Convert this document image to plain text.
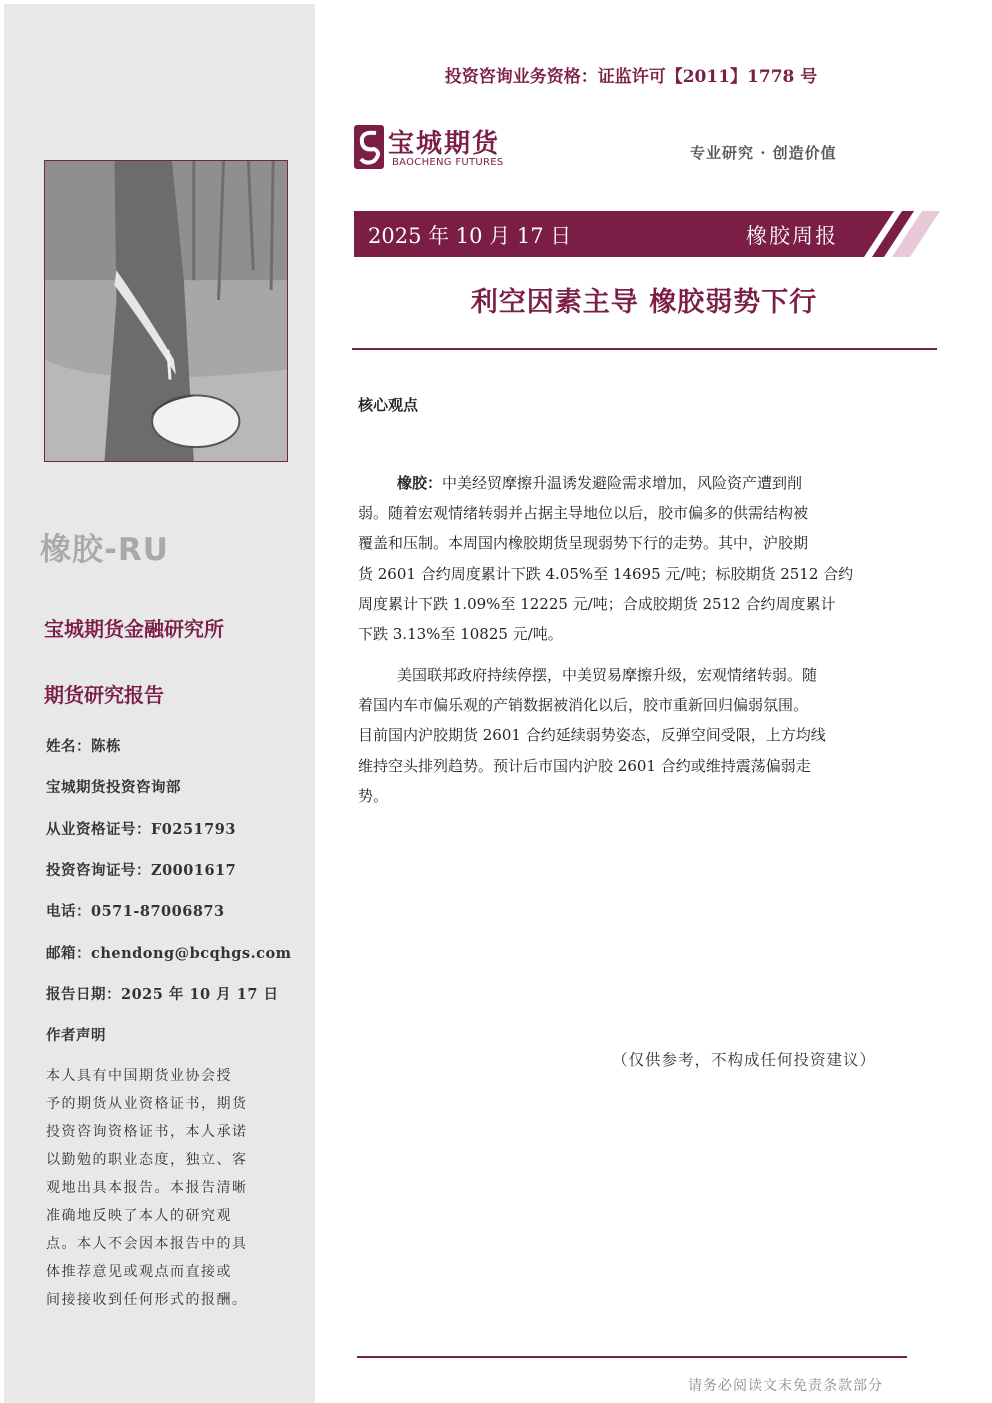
橡胶-RU
宝城期货金融研究所
期货研究报告
姓名：陈栋
宝城期货投资咨询部
从业资格证号：F0251793
投资咨询证号：Z0001617
电话：0571-87006873
邮箱：chendong@bcqhgs.com
报告日期：2025 年 10 月 17 日
作者声明
本人具有中国期货业协会授
予的期货从业资格证书，期货
投资咨询资格证书，本人承诺
以勤勉的职业态度，独立、客
观地出具本报告。本报告清晰
准确地反映了本人的研究观
点。本人不会因本报告中的具
体推荐意见或观点而直接或
间接接收到任何形式的报酬。
投资咨询业务资格：证监许可【2011】1778 号
宝城期货
BAOCHENG FUTURES
专业研究 · 创造价值
2025 年 10 月 17 日	橡胶周报
利空因素主导 橡胶弱势下行
核心观点
橡胶：中美经贸摩擦升温诱发避险需求增加，风险资产遭到削
弱。随着宏观情绪转弱并占据主导地位以后，胶市偏多的供需结构被
覆盖和压制。本周国内橡胶期货呈现弱势下行的走势。其中，沪胶期
货 2601 合约周度累计下跌 4.05%至 14695 元/吨；标胶期货 2512 合约
周度累计下跌 1.09%至 12225 元/吨；合成胶期货 2512 合约周度累计
下跌 3.13%至 10825 元/吨。
美国联邦政府持续停摆，中美贸易摩擦升级，宏观情绪转弱。随
着国内车市偏乐观的产销数据被消化以后，胶市重新回归偏弱氛围。
目前国内沪胶期货 2601 合约延续弱势姿态，反弹空间受限，上方均线
维持空头排列趋势。预计后市国内沪胶 2601 合约或维持震荡偏弱走
势。
（仅供参考，不构成任何投资建议）
请务必阅读文末免责条款部分
